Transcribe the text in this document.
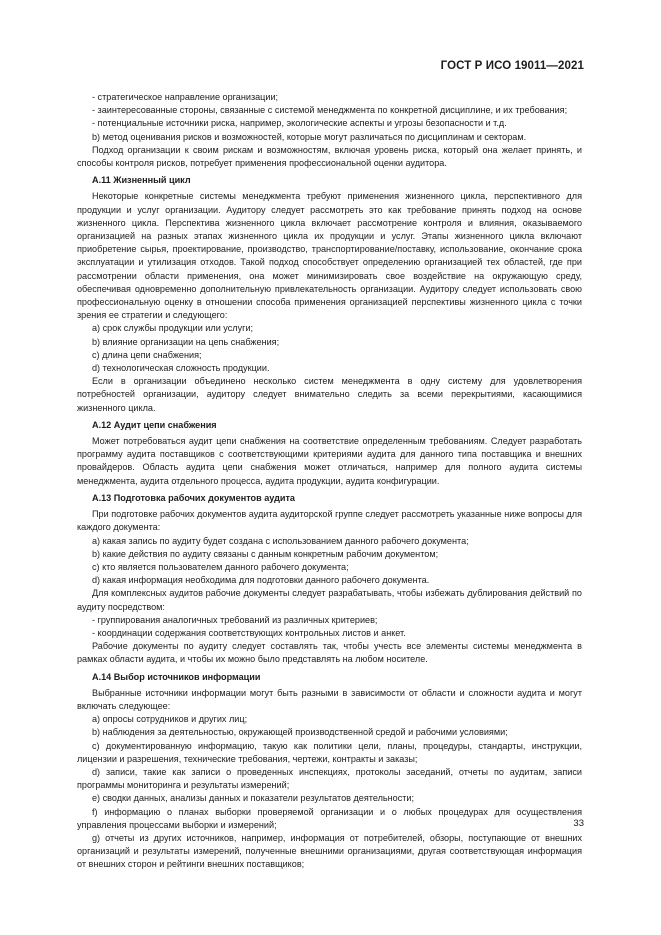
ГОСТ Р ИСО 19011—2021

- стратегическое направление организации;

- заинтересованные стороны, связанные с системой менеджмента по конкретной дисциплине, и их требования;

- потенциальные источники риска, например, экологические аспекты и угрозы безопасности и т.д.

b) метод оценивания рисков и возможностей, которые могут различаться по дисциплинам и секторам.

Подход организации к своим рискам и возможностям, включая уровень риска, который она желает принять, и способы контроля рисков, потребует применения профессиональной оценки аудитора.

А.11 Жизненный цикл

Некоторые конкретные системы менеджмента требуют применения жизненного цикла, перспективного для продукции и услуг организации. Аудитору следует рассмотреть это как требование принять подход на основе жизненного цикла. Перспектива жизненного цикла включает рассмотрение контроля и влияния, оказываемого организацией на разных этапах жизненного цикла их продукции и услуг. Этапы жизненного цикла включают приобретение сырья, проектирование, производство, транспортирование/поставку, использование, окончание срока эксплуатации и утилизация отходов. Такой подход способствует определению организацией тех областей, где при рассмотрении области применения, она может минимизировать свое воздействие на окружающую среду, обеспечивая одновременно дополнительную привлекательность организации. Аудитору следует использовать свою профессиональную оценку в отношении способа применения организацией перспективы жизненного цикла с точки зрения ее стратегии и следующего:

a) срок службы продукции или услуги;

b) влияние организации на цепь снабжения;

c) длина цепи снабжения;

d) технологическая сложность продукции.

Если в организации объединено несколько систем менеджмента в одну систему для удовлетворения потребностей организации, аудитору следует внимательно следить за всеми перекрытиями, касающимися жизненного цикла.

А.12 Аудит цепи снабжения

Может потребоваться аудит цепи снабжения на соответствие определенным требованиям. Следует разработать программу аудита поставщиков с соответствующими критериями аудита для данного типа поставщика и внешних провайдеров. Область аудита цепи снабжения может отличаться, например для полного аудита системы менеджмента, аудита отдельного процесса, аудита продукции, аудита конфигурации.

А.13 Подготовка рабочих документов аудита

При подготовке рабочих документов аудита аудиторской группе следует рассмотреть указанные ниже вопросы для каждого документа:

a) какая запись по аудиту будет создана с использованием данного рабочего документа;

b) какие действия по аудиту связаны с данным конкретным рабочим документом;

c) кто является пользователем данного рабочего документа;

d) какая информация необходима для подготовки данного рабочего документа.

Для комплексных аудитов рабочие документы следует разрабатывать, чтобы избежать дублирования действий по аудиту посредством:

- группирования аналогичных требований из различных критериев;

- координации содержания соответствующих контрольных листов и анкет.

Рабочие документы по аудиту следует составлять так, чтобы учесть все элементы системы менеджмента в рамках области аудита, и чтобы их можно было представлять на любом носителе.

А.14 Выбор источников информации

Выбранные источники информации могут быть разными в зависимости от области и сложности аудита и могут включать следующее:

a) опросы сотрудников и других лиц;

b) наблюдения за деятельностью, окружающей производственной средой и рабочими условиями;

c) документированную информацию, такую как политики цели, планы, процедуры, стандарты, инструкции, лицензии и разрешения, технические требования, чертежи, контракты и заказы;

d) записи, такие как записи о проведенных инспекциях, протоколы заседаний, отчеты по аудитам, записи программы мониторинга и результаты измерений;

e) сводки данных, анализы данных и показатели результатов деятельности;

f) информацию о планах выборки проверяемой организации и о любых процедурах для осуществления управления процессами выборки и измерений;

g) отчеты из других источников, например, информация от потребителей, обзоры, поступающие от внешних организаций и результаты измерений, полученные внешними организациями, другая соответствующая информация от внешних сторон и рейтинги внешних поставщиков;

33
